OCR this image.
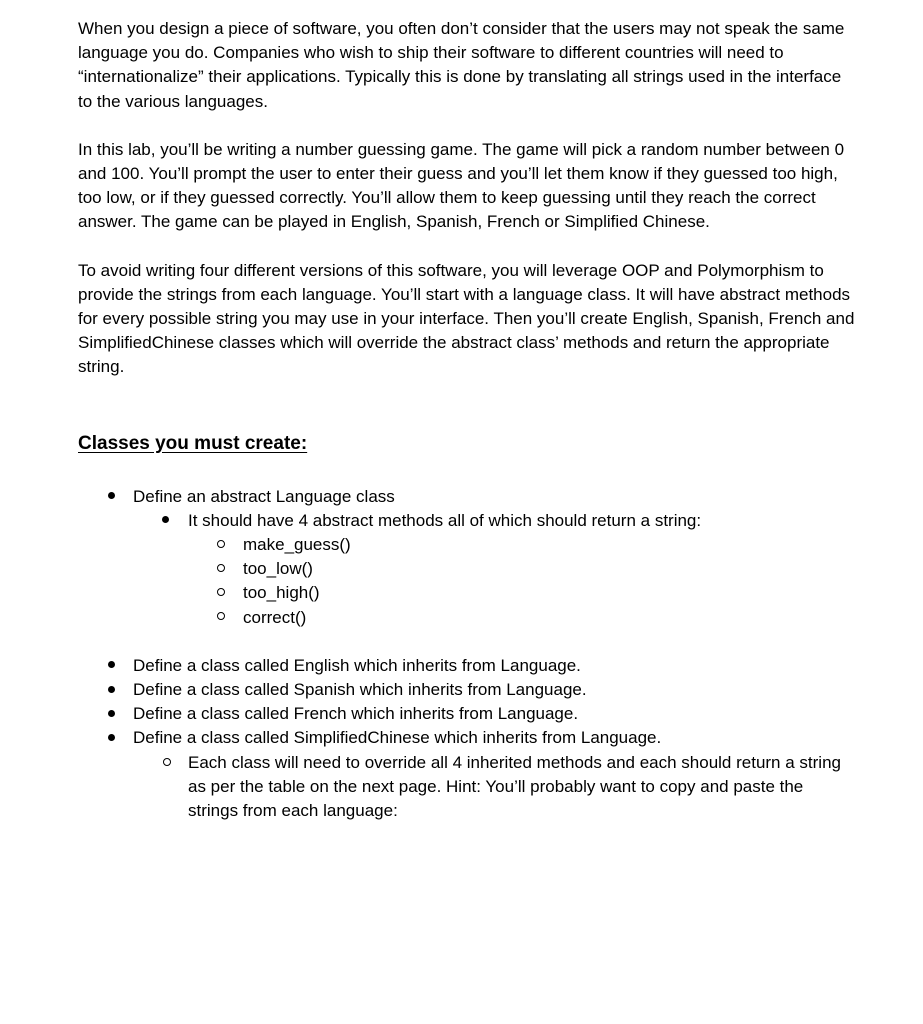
When you design a piece of software, you often don’t consider that the users may not speak the same language you do. Companies who wish to ship their software to different countries will need to “internationalize” their applications. Typically this is done by translating all strings used in the interface to the various languages.

In this lab, you’ll be writing a number guessing game. The game will pick a random number between 0 and 100. You’ll prompt the user to enter their guess and you’ll let them know if they guessed too high, too low, or if they guessed correctly. You’ll allow them to keep guessing until they reach the correct answer. The game can be played in English, Spanish, French or Simplified Chinese.

To avoid writing four different versions of this software, you will leverage OOP and Polymorphism to provide the strings from each language. You’ll start with a language class. It will have abstract methods for every possible string you may use in your interface. Then you’ll create English, Spanish, French and SimplifiedChinese classes which will override the abstract class’ methods and return the appropriate string.

Classes you must create:
Define an abstract Language class
It should have 4 abstract methods all of which should return a string:
make_guess()
too_low()
too_high()
correct()
Define a class called English which inherits from Language.
Define a class called Spanish which inherits from Language.
Define a class called French which inherits from Language.
Define a class called SimplifiedChinese which inherits from Language.
Each class will need to override all 4 inherited methods and each should return a string as per the table on the next page. Hint: You’ll probably want to copy and paste the strings from each language:
